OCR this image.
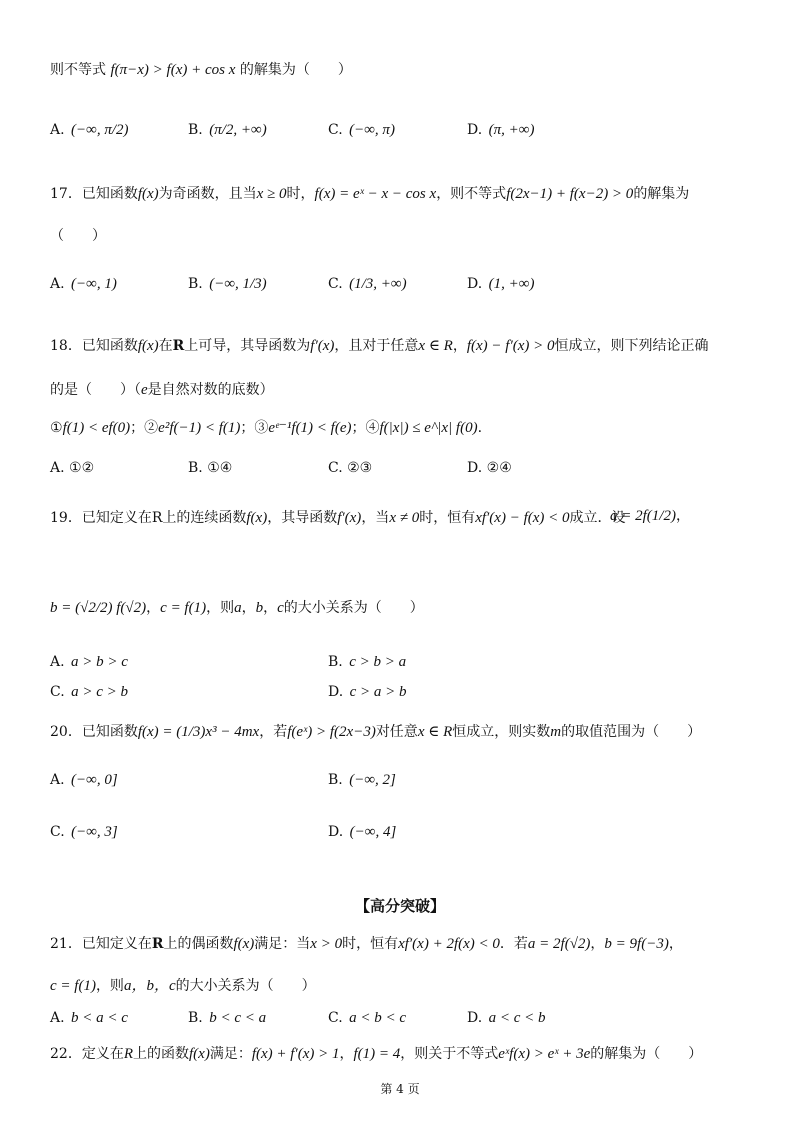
则不等式 f(π−x) > f(x) + cos x 的解集为（　　）
A. (−∞, π/2)	B. (π/2, +∞)	C. (−∞, π)	D. (π, +∞)
17．已知函数f(x)为奇函数，且当x ≥ 0时，f(x) = eˣ − x − cos x，则不等式f(2x−1) + f(x−2) > 0的解集为
（　　）
A. (−∞, 1)	B. (−∞, 1/3)	C. (1/3, +∞)	D. (1, +∞)
18．已知函数f(x)在R上可导，其导函数为f′(x)，且对于任意x ∈ R，f(x) − f′(x) > 0恒成立，则下列结论正确
的是（　　）（e是自然对数的底数）
①f(1) < ef(0)；②e²f(−1) < f(1)；③eᵉ⁻¹f(1) < f(e)；④f(|x|) ≤ e^|x| f(0).
A. ①②	B. ①④	C. ②③	D. ②④
19．已知定义在R上的连续函数f(x)，其导函数f′(x)，当x ≠ 0时，恒有xf′(x) − f(x) < 0成立．设
a = 2f(1/2)，
b = (√2/2) f(√2)，c = f(1)，则a，b，c的大小关系为（　　）
A. a > b > c	B. c > b > a
C. a > c > b	D. c > a > b
20．已知函数f(x) = (1/3)x³ − 4mx，若f(eˣ) > f(2x−3)对任意x ∈ R恒成立，则实数m的取值范围为（　　）
A. (−∞, 0]	B. (−∞, 2]
C. (−∞, 3]	D. (−∞, 4]
【高分突破】
21．已知定义在R上的偶函数f(x)满足：当x > 0时，恒有xf′(x) + 2f(x) < 0．若a = 2f(√2)，b = 9f(−3)，
c = f(1)，则a，b，c的大小关系为（　　）
A. b < a < c	B. b < c < a	C. a < b < c	D. a < c < b
22．定义在R上的函数f(x)满足：f(x) + f′(x) > 1，f(1) = 4，则关于不等式eˣf(x) > eˣ + 3e的解集为（　　）
第 4 页
